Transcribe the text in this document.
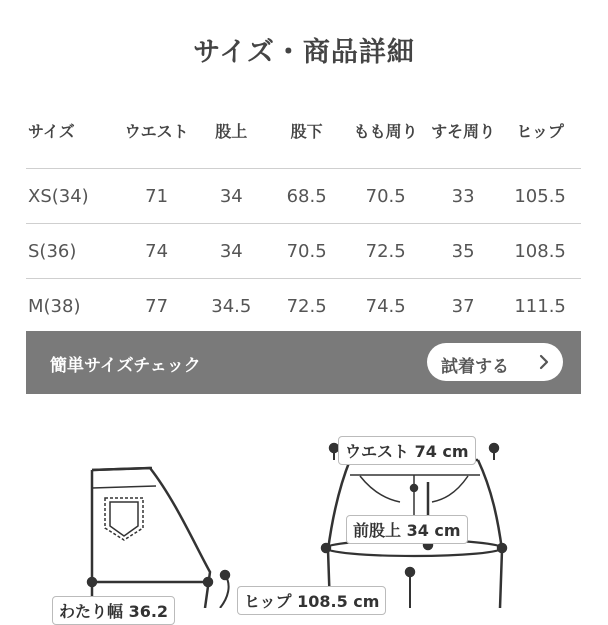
サイズ・商品詳細
サイズ	ウエスト	股上	股下	もも周り	すそ周り	ヒップ
XS(34)	71	34	68.5	70.5	33	105.5
S(36)	74	34	70.5	72.5	35	108.5
M(38)	77	34.5	72.5	74.5	37	111.5
簡単サイズチェック	試着する
ウエスト 74 cm
前股上 34 cm
ヒップ 108.5 cm
わたり幅 36.2
